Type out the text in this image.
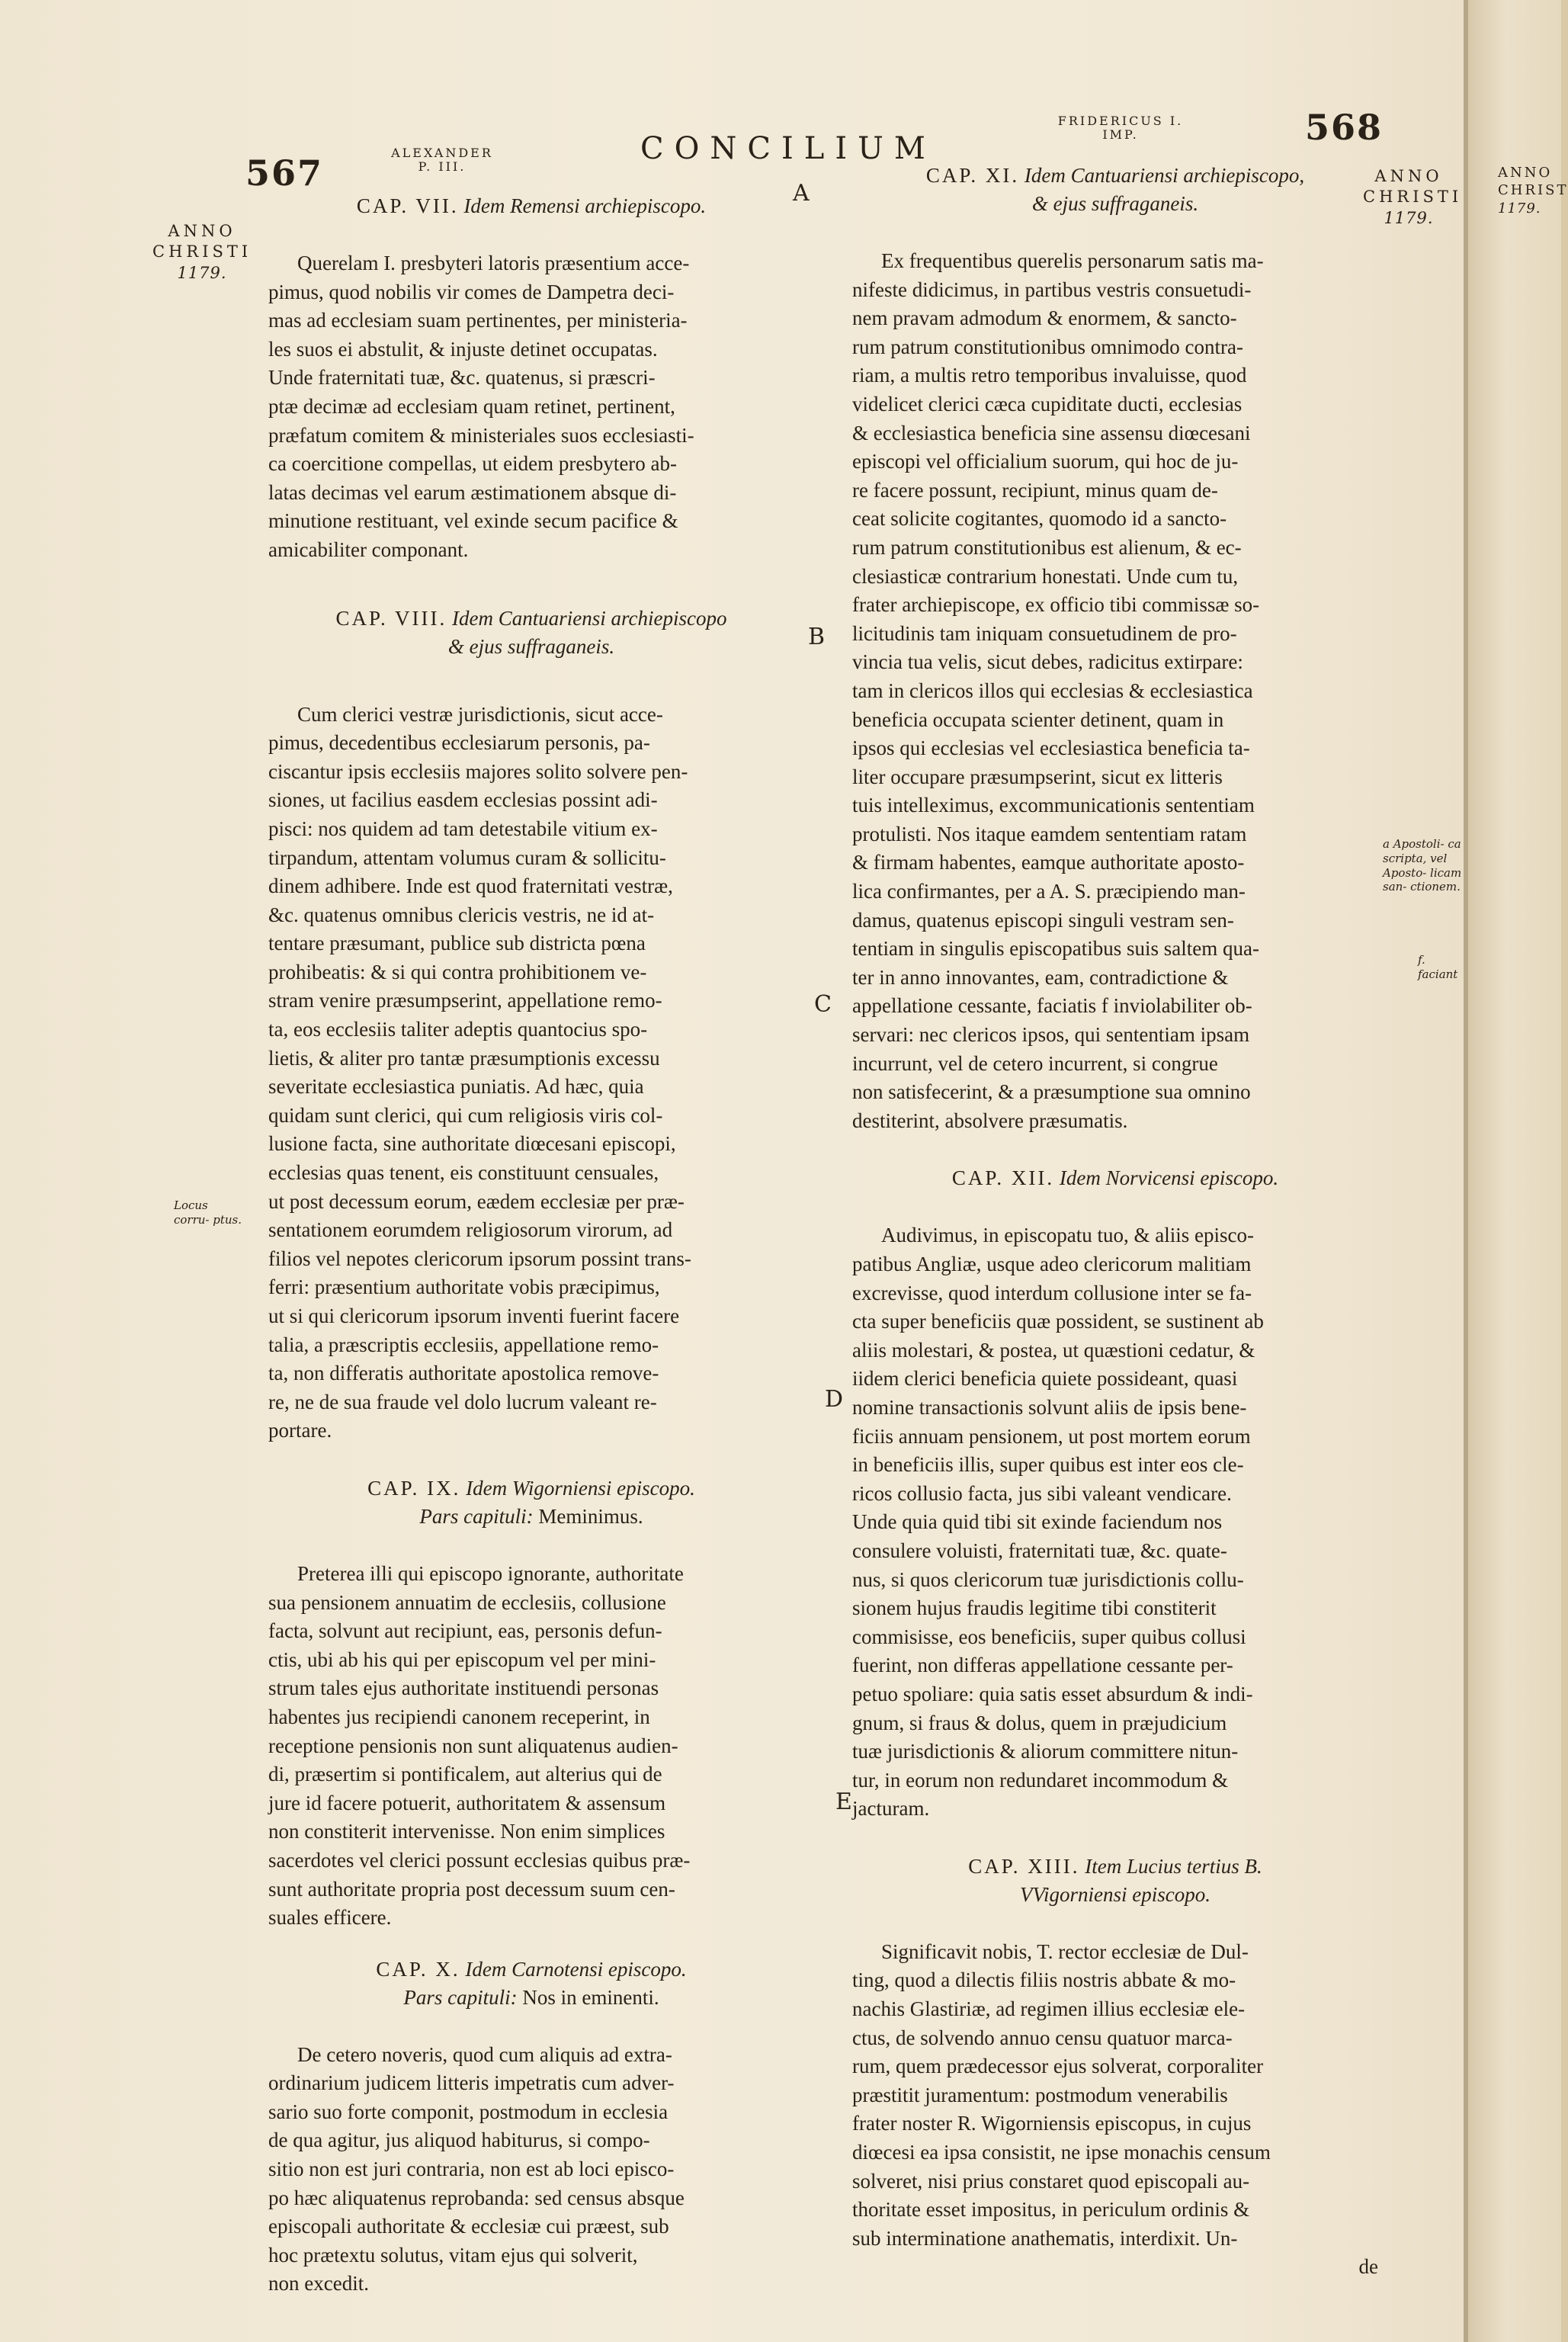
567	ALEXANDER
P. III.
CONCILIUM
FRIDERICUS I.
IMP.	568
ANNO
CHRISTI
1179.
Locus corru- ptus.
ANNO
CHRISTI
1179.
a Apostoli- ca scripta, vel Aposto- licam san- ctionem.
f. faciant
ANNO
CHRIST
1179.
A
B
C
D
E
CAP. VII. Idem Remensi archiepiscopo.

Querelam I. presbyteri latoris præsentium acce-

pimus, quod nobilis vir comes de Dampetra deci-
mas ad ecclesiam suam pertinentes, per ministeria-
les suos ei abstulit, & injuste detinet occupatas.
Unde fraternitati tuæ, &c. quatenus, si præscri-
ptæ decimæ ad ecclesiam quam retinet, pertinent,
præfatum comitem & ministeriales suos ecclesiasti-
ca coercitione compellas, ut eidem presbytero ab-
latas decimas vel earum æstimationem absque di-
minutione restituant, vel exinde secum pacifice &
amicabiliter componant.
CAP. VIII. Idem Cantuariensi archiepiscopo
& ejus suffraganeis.

Cum clerici vestræ jurisdictionis, sicut acce-

pimus, decedentibus ecclesiarum personis, pa-
ciscantur ipsis ecclesiis majores solito solvere pen-
siones, ut facilius easdem ecclesias possint adi-
pisci: nos quidem ad tam detestabile vitium ex-
tirpandum, attentam volumus curam & sollicitu-
dinem adhibere. Inde est quod fraternitati vestræ,
&c. quatenus omnibus clericis vestris, ne id at-
tentare præsumant, publice sub districta pœna
prohibeatis: & si qui contra prohibitionem ve-
stram venire præsumpserint, appellatione remo-
ta, eos ecclesiis taliter adeptis quantocius spo-
lietis, & aliter pro tantæ præsumptionis excessu
severitate ecclesiastica puniatis. Ad hæc, quia
quidam sunt clerici, qui cum religiosis viris col-
lusione facta, sine authoritate diœcesani episcopi,
ecclesias quas tenent, eis constituunt censuales,
ut post decessum eorum, eædem ecclesiæ per præ-
sentationem eorumdem religiosorum virorum, ad
filios vel nepotes clericorum ipsorum possint trans-
ferri: præsentium authoritate vobis præcipimus,
ut si qui clericorum ipsorum inventi fuerint facere
talia, a præscriptis ecclesiis, appellatione remo-
ta, non differatis authoritate apostolica remove-
re, ne de sua fraude vel dolo lucrum valeant re-
portare.
CAP. IX. Idem Wigorniensi episcopo.
Pars capituli: Meminimus.

Preterea illi qui episcopo ignorante, authoritate

sua pensionem annuatim de ecclesiis, collusione
facta, solvunt aut recipiunt, eas, personis defun-
ctis, ubi ab his qui per episcopum vel per mini-
strum tales ejus authoritate instituendi personas
habentes jus recipiendi canonem receperint, in
receptione pensionis non sunt aliquatenus audien-
di, præsertim si pontificalem, aut alterius qui de
jure id facere potuerit, authoritatem & assensum
non constiterit intervenisse. Non enim simplices
sacerdotes vel clerici possunt ecclesias quibus præ-
sunt authoritate propria post decessum suum cen-
suales efficere.
CAP. X. Idem Carnotensi episcopo.
Pars capituli: Nos in eminenti.

De cetero noveris, quod cum aliquis ad extra-

ordinarium judicem litteris impetratis cum adver-
sario suo forte componit, postmodum in ecclesia
de qua agitur, jus aliquod habiturus, si compo-
sitio non est juri contraria, non est ab loci episco-
po hæc aliquatenus reprobanda: sed census absque
episcopali authoritate & ecclesiæ cui præest, sub
hoc prætextu solutus, vitam ejus qui solverit,
non excedit.
CAP. XI. Idem Cantuariensi archiepiscopo,
& ejus suffraganeis.

Ex frequentibus querelis personarum satis ma-

nifeste didicimus, in partibus vestris consuetudi-
nem pravam admodum & enormem, & sancto-
rum patrum constitutionibus omnimodo contra-
riam, a multis retro temporibus invaluisse, quod
videlicet clerici cæca cupiditate ducti, ecclesias
& ecclesiastica beneficia sine assensu diœcesani
episcopi vel officialium suorum, qui hoc de ju-
re facere possunt, recipiunt, minus quam de-
ceat solicite cogitantes, quomodo id a sancto-
rum patrum constitutionibus est alienum, & ec-
clesiasticæ contrarium honestati. Unde cum tu,
frater archiepiscope, ex officio tibi commissæ so-
licitudinis tam iniquam consuetudinem de pro-
vincia tua velis, sicut debes, radicitus extirpare:
tam in clericos illos qui ecclesias & ecclesiastica
beneficia occupata scienter detinent, quam in
ipsos qui ecclesias vel ecclesiastica beneficia ta-
liter occupare præsumpserint, sicut ex litteris
tuis intelleximus, excommunicationis sententiam
protulisti. Nos itaque eamdem sententiam ratam
& firmam habentes, eamque authoritate aposto-
lica confirmantes, per a A. S. præcipiendo man-
damus, quatenus episcopi singuli vestram sen-
tentiam in singulis episcopatibus suis saltem qua-
ter in anno innovantes, eam, contradictione &
appellatione cessante, faciatis f inviolabiliter ob-
servari: nec clericos ipsos, qui sententiam ipsam
incurrunt, vel de cetero incurrent, si congrue
non satisfecerint, & a præsumptione sua omnino
destiterint, absolvere præsumatis.
CAP. XII. Idem Norvicensi episcopo.

Audivimus, in episcopatu tuo, & aliis episco-

patibus Angliæ, usque adeo clericorum malitiam
excrevisse, quod interdum collusione inter se fa-
cta super beneficiis quæ possident, se sustinent ab
aliis molestari, & postea, ut quæstioni cedatur, &
iidem clerici beneficia quiete possideant, quasi
nomine transactionis solvunt aliis de ipsis bene-
ficiis annuam pensionem, ut post mortem eorum
in beneficiis illis, super quibus est inter eos cle-
ricos collusio facta, jus sibi valeant vendicare.
Unde quia quid tibi sit exinde faciendum nos
consulere voluisti, fraternitati tuæ, &c. quate-
nus, si quos clericorum tuæ jurisdictionis collu-
sionem hujus fraudis legitime tibi constiterit
commisisse, eos beneficiis, super quibus collusi
fuerint, non differas appellatione cessante per-
petuo spoliare: quia satis esset absurdum & indi-
gnum, si fraus & dolus, quem in præjudicium
tuæ jurisdictionis & aliorum committere nitun-
tur, in eorum non redundaret incommodum &
jacturam.
CAP. XIII. Item Lucius tertius B.
VVigorniensi episcopo.

Significavit nobis, T. rector ecclesiæ de Dul-

ting, quod a dilectis filiis nostris abbate & mo-
nachis Glastiriæ, ad regimen illius ecclesiæ ele-
ctus, de solvendo annuo censu quatuor marca-
rum, quem prædecessor ejus solverat, corporaliter
præstitit juramentum: postmodum venerabilis
frater noster R. Wigorniensis episcopus, in cujus
diœcesi ea ipsa consistit, ne ipse monachis censum
solveret, nisi prius constaret quod episcopali au-
thoritate esset impositus, in periculum ordinis &
sub interminatione anathematis, interdixit. Un-
de
